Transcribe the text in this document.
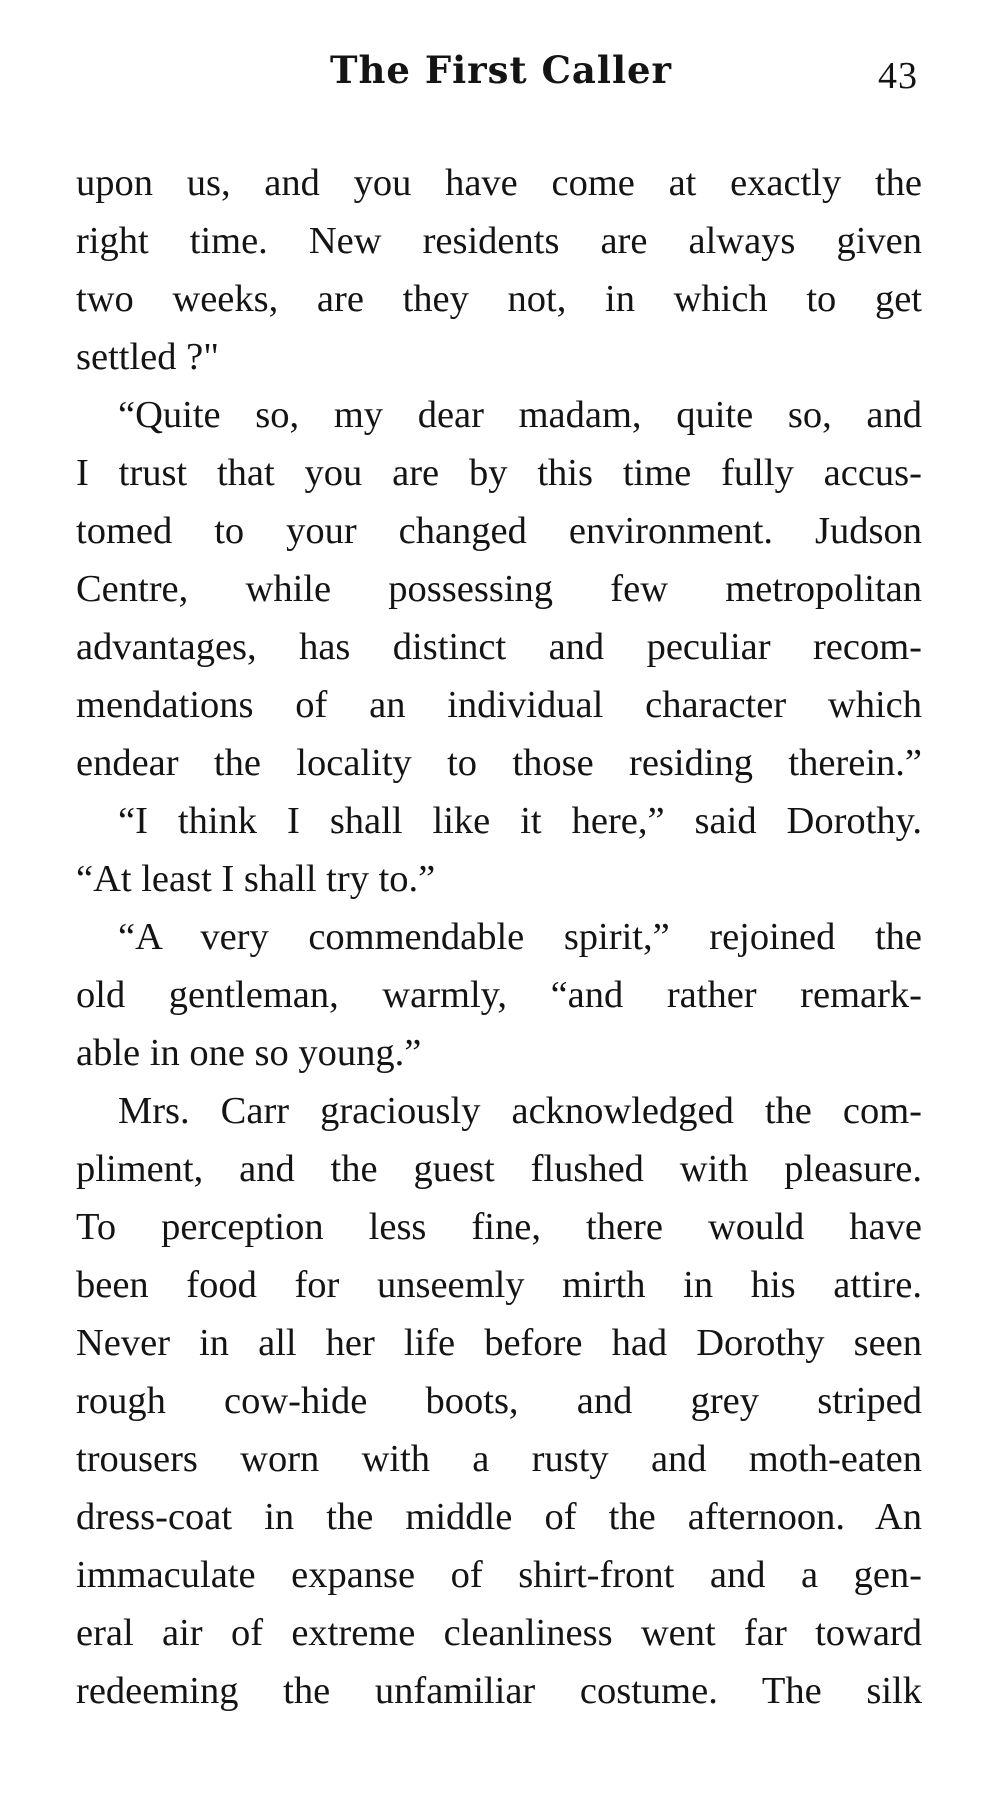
The First Caller	43
upon us, and you have come at exactly the
right time. New residents are always given
two weeks, are they not, in which to get
settled ?"
“Quite so, my dear madam, quite so, and
I trust that you are by this time fully accus-
tomed to your changed environment. Judson
Centre, while possessing few metropolitan
advantages, has distinct and peculiar recom-
mendations of an individual character which
endear the locality to those residing therein.”
“I think I shall like it here,” said Dorothy.
“At least I shall try to.”
“A very commendable spirit,” rejoined the
old gentleman, warmly, “and rather remark-
able in one so young.”
Mrs. Carr graciously acknowledged the com-
pliment, and the guest flushed with pleasure.
To perception less fine, there would have
been food for unseemly mirth in his attire.
Never in all her life before had Dorothy seen
rough cow-hide boots, and grey striped
trousers worn with a rusty and moth-eaten
dress-coat in the middle of the afternoon. An
immaculate expanse of shirt-front and a gen-
eral air of extreme cleanliness went far toward
redeeming the unfamiliar costume. The silk
